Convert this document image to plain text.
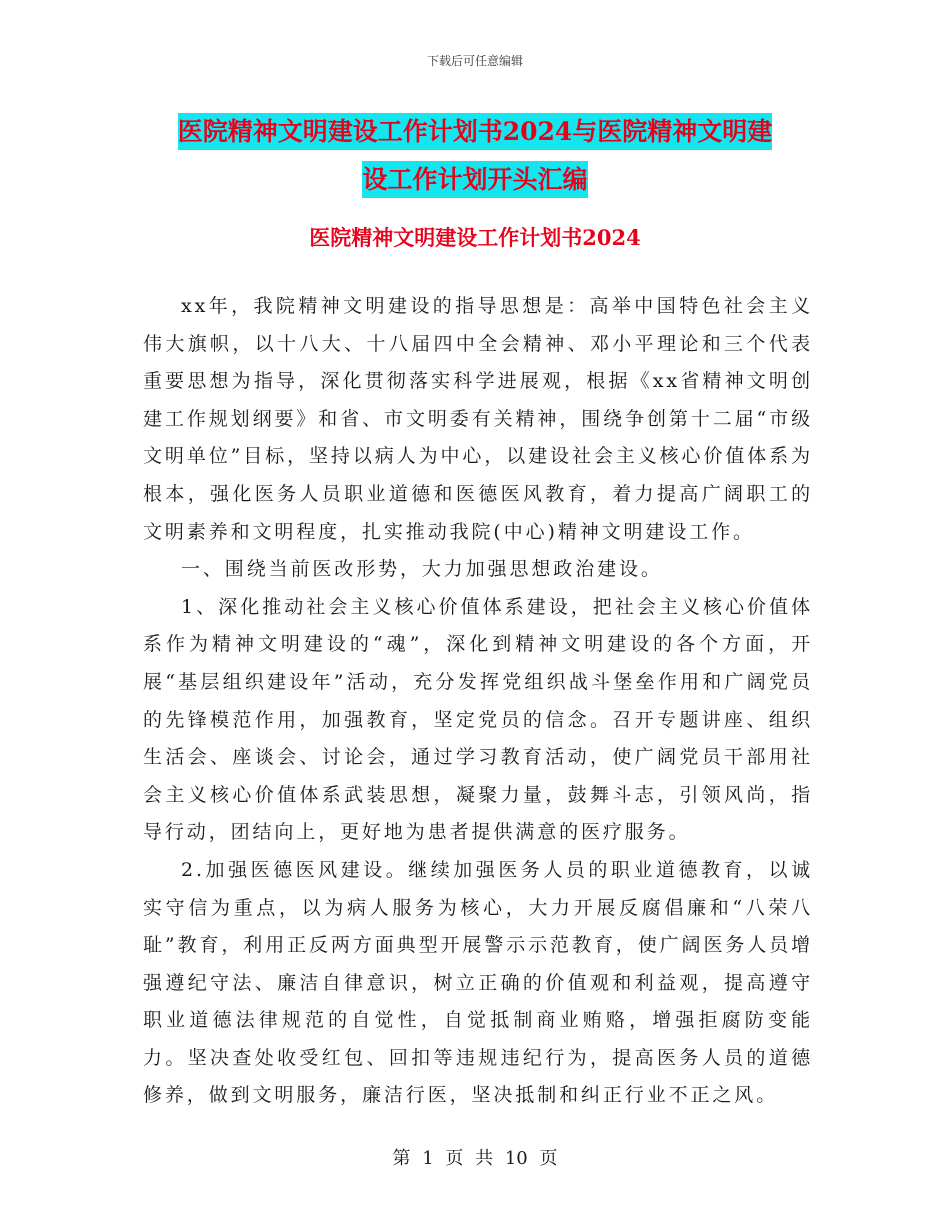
下载后可任意编辑
医院精神文明建设工作计划书2024与医院精神文明建
设工作计划开头汇编
医院精神文明建设工作计划书2024

xx年，我院精神文明建设的指导思想是：高举中国特色社会主义伟大旗帜，以十八大、十八届四中全会精神、邓小平理论和三个代表重要思想为指导，深化贯彻落实科学进展观，根据《xx省精神文明创建工作规划纲要》和省、市文明委有关精神，围绕争创第十二届“市级文明单位”目标，坚持以病人为中心，以建设社会主义核心价值体系为根本，强化医务人员职业道德和医德医风教育，着力提高广阔职工的文明素养和文明程度，扎实推动我院(中心)精神文明建设工作。

一、围绕当前医改形势，大力加强思想政治建设。

1、深化推动社会主义核心价值体系建设，把社会主义核心价值体系作为精神文明建设的“魂”，深化到精神文明建设的各个方面，开展“基层组织建设年”活动，充分发挥党组织战斗堡垒作用和广阔党员的先锋模范作用，加强教育，坚定党员的信念。召开专题讲座、组织生活会、座谈会、讨论会，通过学习教育活动，使广阔党员干部用社会主义核心价值体系武装思想，凝聚力量，鼓舞斗志，引领风尚，指导行动，团结向上，更好地为患者提供满意的医疗服务。

2.加强医德医风建设。继续加强医务人员的职业道德教育，以诚实守信为重点，以为病人服务为核心，大力开展反腐倡廉和“八荣八耻”教育，利用正反两方面典型开展警示示范教育，使广阔医务人员增强遵纪守法、廉洁自律意识，树立正确的价值观和利益观，提高遵守职业道德法律规范的自觉性，自觉抵制商业贿赂，增强拒腐防变能力。坚决查处收受红包、回扣等违规违纪行为，提高医务人员的道德修养，做到文明服务，廉洁行医，坚决抵制和纠正行业不正之风。

第 1 页 共 10 页
